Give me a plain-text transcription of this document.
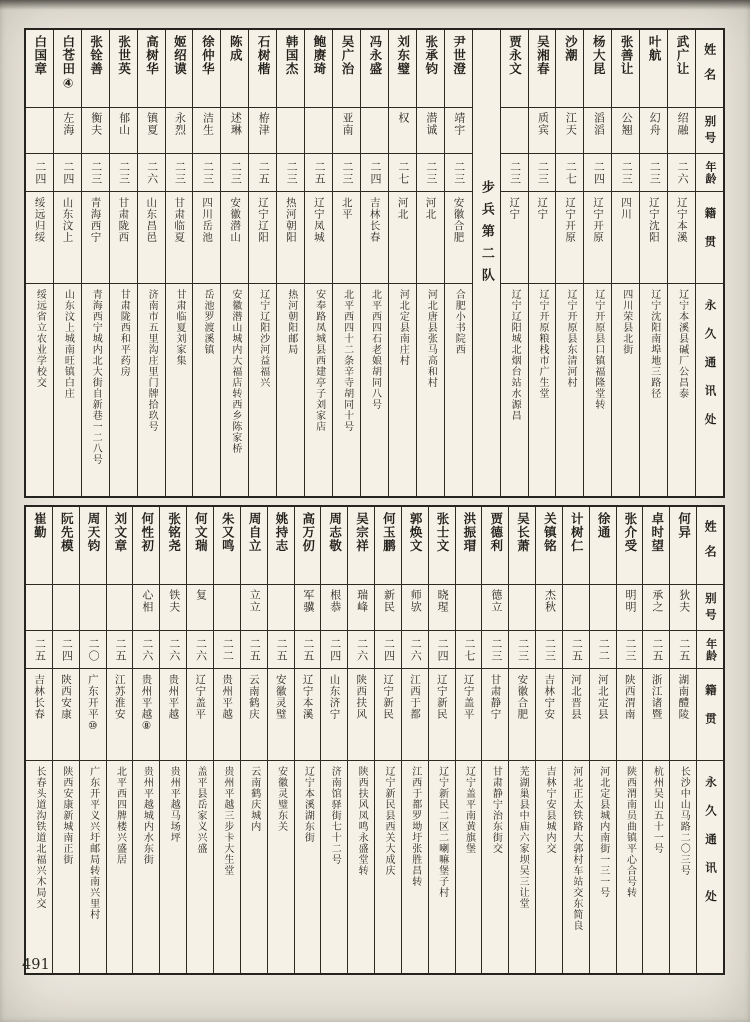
姓名
别号
年龄
籍贯
永久通讯处
武广让
绍融
二六
辽宁本溪
辽宁本溪县碱厂公昌泰
叶航
幻舟
二三
辽宁沈阳
辽宁沈阳南埠地三路径
张善让
公翘
二三
四川
四川荣县北街
杨大昆
滔滔
二四
辽宁开原
辽宁开原县口镇福隆堂转
沙潮
江天
二七
辽宁开原
辽宁开原县东清河村
吴湘春
质宾
二三
辽宁
辽宁开原粮栈市广生堂
贾永文
二三
辽宁
辽宁辽阳城北烟台站水源昌
步兵第二队
尹世澄
靖宇
二三
安徽合肥
合肥小书院西
张承钧
潜诚
二三
河北
河北唐县张马高和村
刘东璧
权
二七
河北
河北定县南庄村
冯永盛
二四
吉林长春
北平西四石老娘胡同八号
吴广治
亚南
二三
北平
北平西四十二条辛寺胡同十号
鲍赓琦
二五
辽宁凤城
安奉路凤城县西建亭子刘家店
韩国杰
二三
热河朝阳
热河朝阳邮局
石树楷
栫津
二五
辽宁辽阳
辽宁辽阳沙河益福兴
陈成
述琳
二三
安徽潜山
安徽潜山城内大福店转西乡陈家桥
徐仲华
洁生
二三
四川岳池
岳池罗渡溪镇
姬绍谟
永烈
二三
甘肃临夏
甘肃临夏刘家集
高树华
镇夏
二六
山东昌邑
济南市五里沟庄里门牌拾玖号
张世英
郁山
二三
甘肃陇西
甘肃陇西和平药房
张铨善
衡夫
二三
青海西宁
青海西宁城内北大街自新巷一二八号
白苍田④
左海
二四
山东汶上
山东汶上城南旺镇白庄
白国章
二四
绥远归绥
绥远省立农业学校交
姓名
别号
年龄
籍贯
永久通讯处
何异
狄夫
二五
湖南醴陵
长沙中山马路二〇三号
卓时望
承之
二五
浙江诸暨
杭州吴山五十一号
张介受
明明
二三
陕西渭南
陕西渭南员曲镇平心合号转
徐通
二二
河北定县
河北定县城内南街一三一号
计树仁
二五
河北晋县
河北正太铁路大郭村车站交东简良
关镇铭
杰秋
二三
吉林宁安
吉林宁安县城内交
吴长萧
二三
安徽合肥
芜湖巢县中庙六家坝吴三让堂
贾德利
德立
二三
甘肃静宁
甘肃静宁治东街交
洪振瑁
二七
辽宁盖平
辽宁盖平南黄旗堡
张士文
晓瑆
二四
辽宁新民
辽宁新民二区二喇嘛堡子村
郭焕文
师欤
二六
江西于都
江西于都罗坳圩张胜昌转
何玉鹏
新民
二四
辽宁新民
辽宁新民县西关大成庆
吴宗祥
瑞峰
二六
陕西扶风
陕西扶风凤鸣永盛堂转
周志敬
根恭
二四
山东济宁
济南馆驿街七十二号
高万仞
军骥
二五
辽宁本溪
辽宁本溪湖东街
姚持志
二五
安徽灵璧
安徽灵璧东关
周自立
立立
二五
云南鹤庆
云南鹤庆城内
朱又鸣
二二
贵州平越
贵州平越三步卡大生堂
何文瑞
复
二六
辽宁盖平
盖平县岳家义兴盛
张铭尧
铁夫
二六
贵州平越
贵州平越马场坪
何性初
心相
二六
贵州平越⑧
贵州平越城内水东街
刘文章
二五
江苏淮安
北平西四牌楼兴盛居
周天钧
二〇
广东开平⑩
广东开平义兴圩邮局转南兴里村
阮先模
二四
陕西安康
陕西安康新城南正街
崔勤
二五
吉林长春
长春头道沟铁道北福兴木局交
491
